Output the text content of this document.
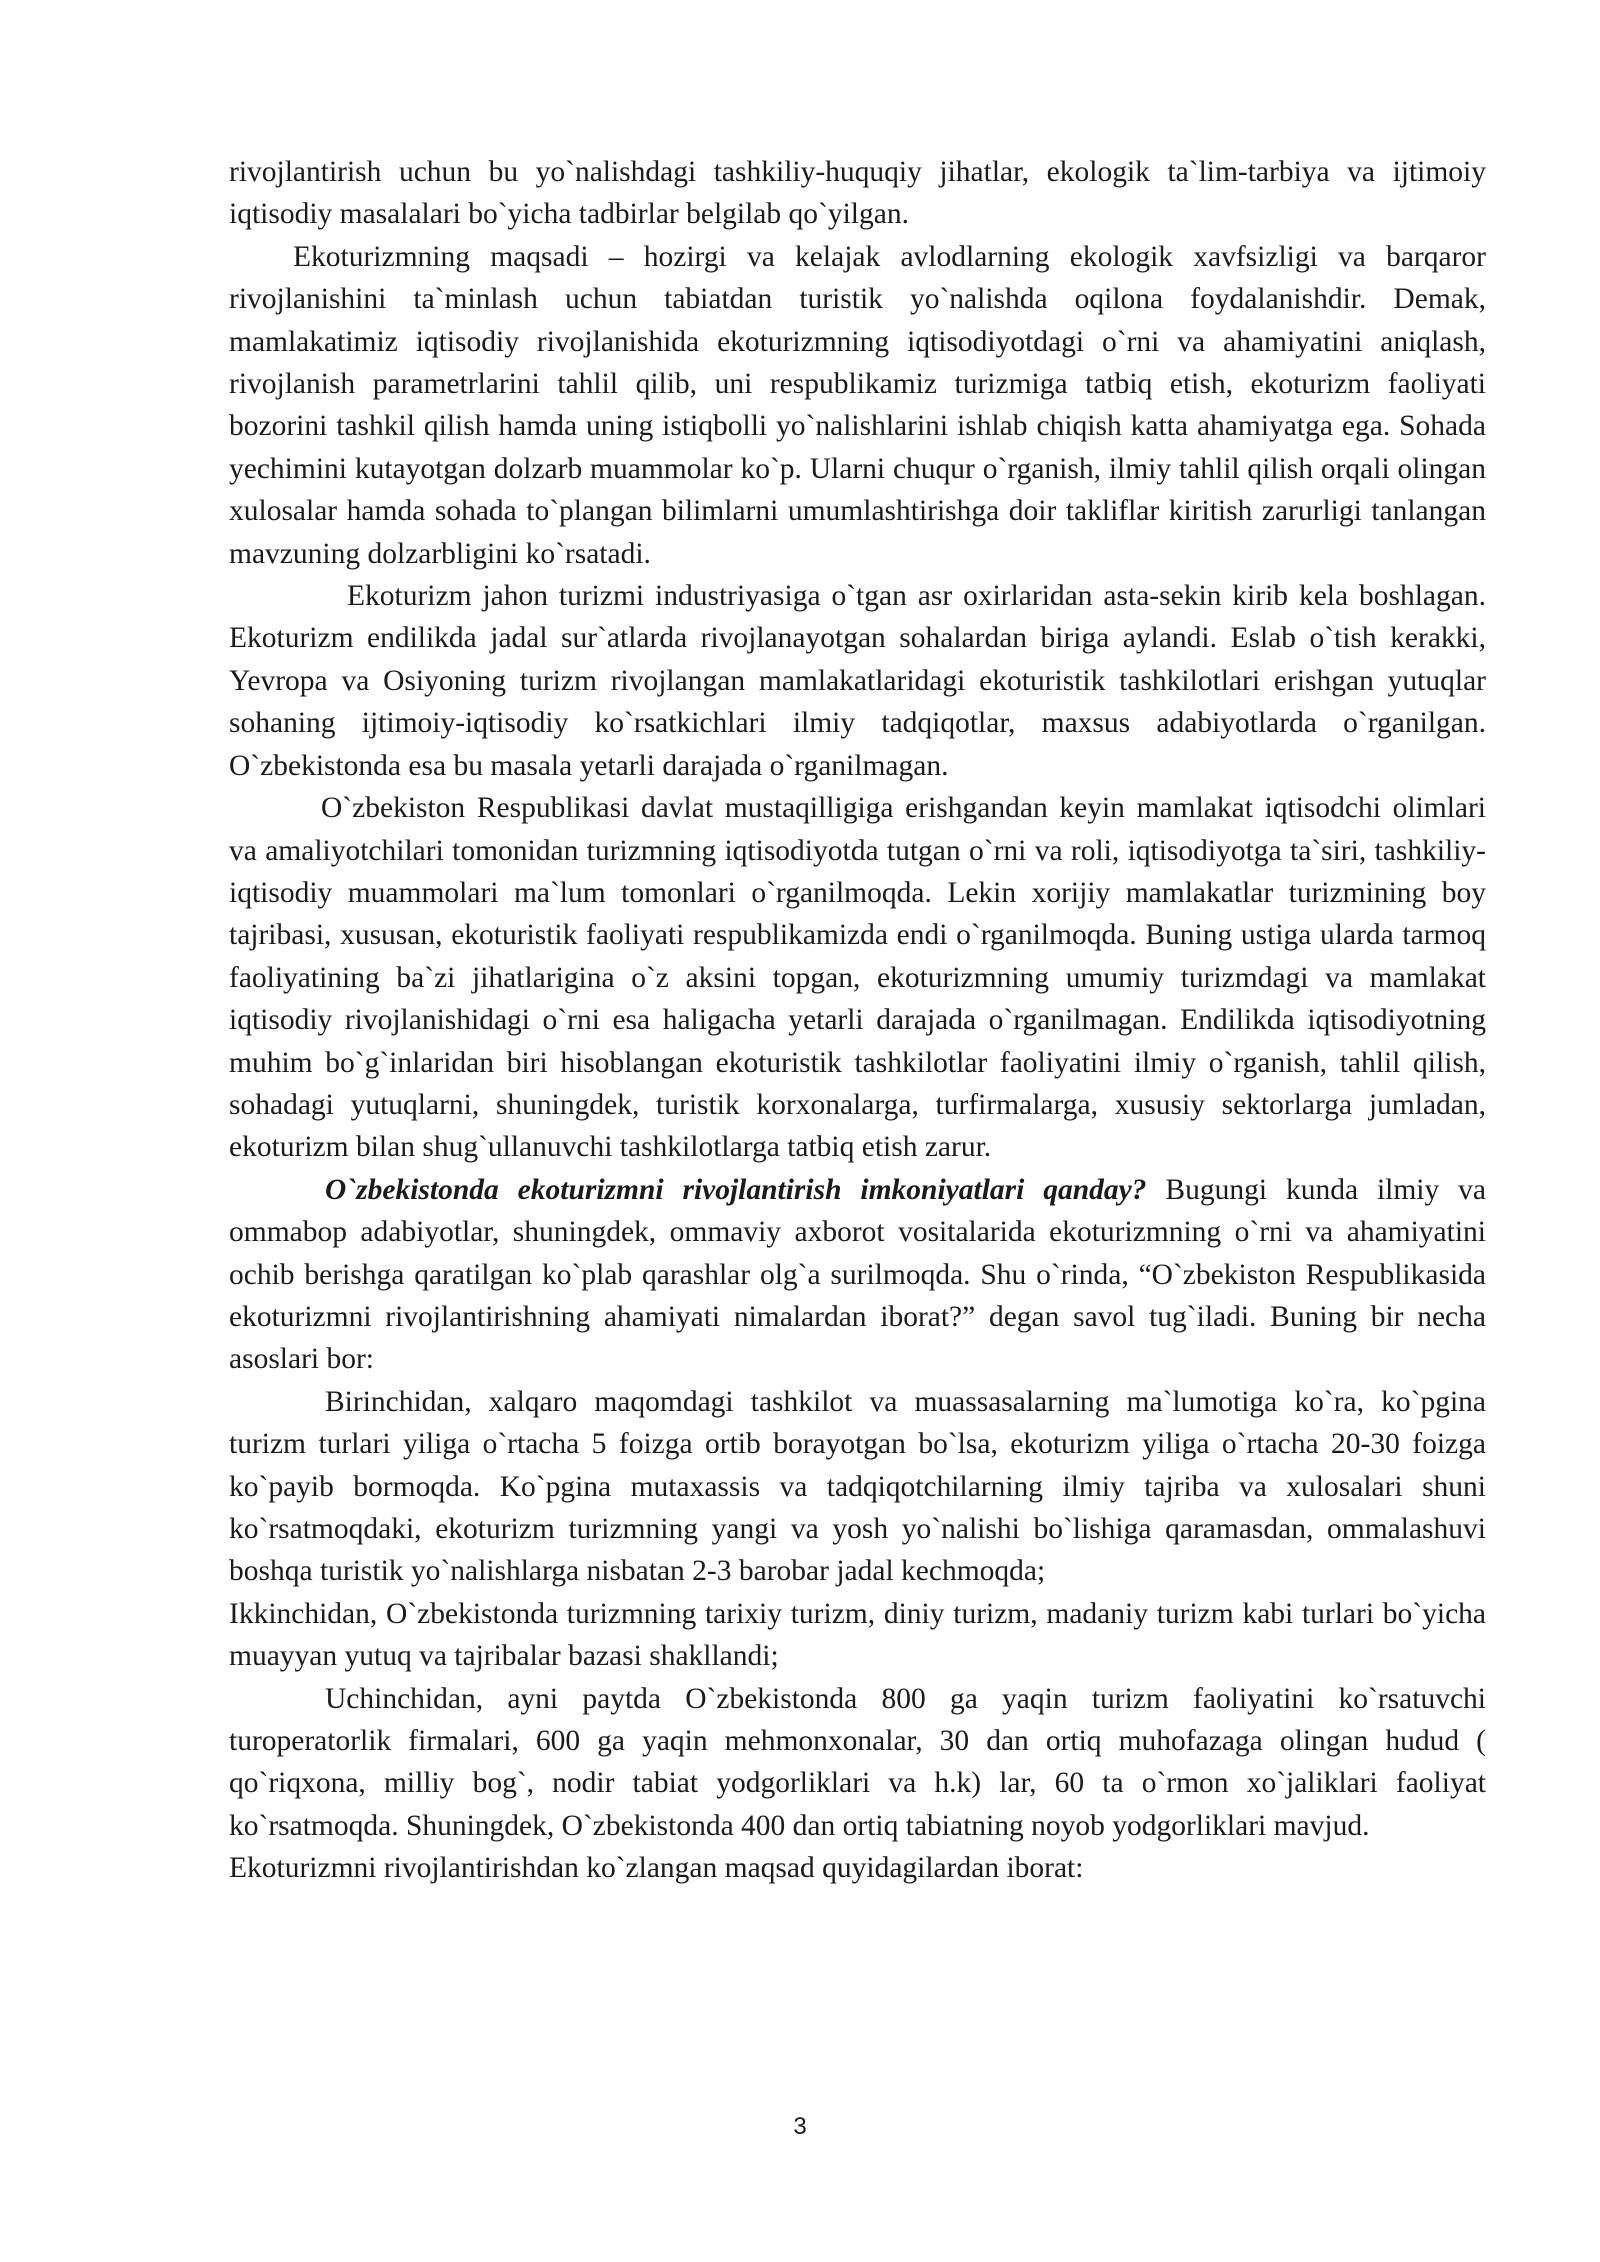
rivojlantirish uchun bu yo`nalishdagi tashkiliy-huquqiy jihatlar, ekologik ta`lim-tarbiya va ijtimoiy iqtisodiy masalalari bo`yicha tadbirlar belgilab qo`yilgan.

Ekoturizmning maqsadi – hozirgi va kelajak avlodlarning ekologik xavfsizligi va barqaror rivojlanishini ta`minlash uchun tabiatdan turistik yo`nalishda oqilona foydalanishdir. Demak, mamlakatimiz iqtisodiy rivojlanishida ekoturizmning iqtisodiyotdagi o`rni va ahamiyatini aniqlash, rivojlanish parametrlarini tahlil qilib, uni respublikamiz turizmiga tatbiq etish, ekoturizm faoliyati bozorini tashkil qilish hamda uning istiqbolli yo`nalishlarini ishlab chiqish katta ahamiyatga ega. Sohada yechimini kutayotgan dolzarb muammolar ko`p. Ularni chuqur o`rganish, ilmiy tahlil qilish orqali olingan xulosalar hamda sohada to`plangan bilimlarni umumlashtirishga doir takliflar kiritish zarurligi tanlangan mavzuning dolzarbligini ko`rsatadi.

Ekoturizm jahon turizmi industriyasiga o`tgan asr oxirlaridan asta-sekin kirib kela boshlagan. Ekoturizm endilikda jadal sur`atlarda rivojlanayotgan sohalardan biriga aylandi. Eslab o`tish kerakki, Yevropa va Osiyoning turizm rivojlangan mamlakatlaridagi ekoturistik tashkilotlari erishgan yutuqlar sohaning ijtimoiy-iqtisodiy ko`rsatkichlari ilmiy tadqiqotlar, maxsus adabiyotlarda o`rganilgan. O`zbekistonda esa bu masala yetarli darajada o`rganilmagan.

O`zbekiston Respublikasi davlat mustaqilligiga erishgandan keyin mamlakat iqtisodchi olimlari va amaliyotchilari tomonidan turizmning iqtisodiyotda tutgan o`rni va roli, iqtisodiyotga ta`siri, tashkiliy-iqtisodiy muammolari ma`lum tomonlari o`rganilmoqda. Lekin xorijiy mamlakatlar turizmining boy tajribasi, xususan, ekoturistik faoliyati respublikamizda endi o`rganilmoqda. Buning ustiga ularda tarmoq faoliyatining ba`zi jihatlarigina o`z aksini topgan, ekoturizmning umumiy turizmdagi va mamlakat iqtisodiy rivojlanishidagi o`rni esa haligacha yetarli darajada o`rganilmagan. Endilikda iqtisodiyotning muhim bo`g`inlaridan biri hisoblangan ekoturistik tashkilotlar faoliyatini ilmiy o`rganish, tahlil qilish, sohadagi yutuqlarni, shuningdek, turistik korxonalarga, turfirmalarga, xususiy sektorlarga jumladan, ekoturizm bilan shug`ullanuvchi tashkilotlarga tatbiq etish zarur.

O`zbekistonda ekoturizmni rivojlantirish imkoniyatlari qanday? Bugungi kunda ilmiy va ommabop adabiyotlar, shuningdek, ommaviy axborot vositalarida ekoturizmning o`rni va ahamiyatini ochib berishga qaratilgan ko`plab qarashlar olg`a surilmoqda. Shu o`rinda, “O`zbekiston Respublikasida ekoturizmni rivojlantirishning ahamiyati nimalardan iborat?” degan savol tug`iladi. Buning bir necha asoslari bor:

Birinchidan, xalqaro maqomdagi tashkilot va muassasalarning ma`lumotiga ko`ra, ko`pgina turizm turlari yiliga o`rtacha 5 foizga ortib borayotgan bo`lsa, ekoturizm yiliga o`rtacha 20-30 foizga ko`payib bormoqda. Ko`pgina mutaxassis va tadqiqotchilarning ilmiy tajriba va xulosalari shuni ko`rsatmoqdaki, ekoturizm turizmning yangi va yosh yo`nalishi bo`lishiga qaramasdan, ommalashuvi boshqa turistik yo`nalishlarga nisbatan 2-3 barobar jadal kechmoqda;

Ikkinchidan, O`zbekistonda turizmning tarixiy turizm, diniy turizm, madaniy turizm kabi turlari bo`yicha muayyan yutuq va tajribalar bazasi shakllandi;

Uchinchidan, ayni paytda O`zbekistonda 800 ga yaqin turizm faoliyatini ko`rsatuvchi turoperatorlik firmalari, 600 ga yaqin mehmonxonalar, 30 dan ortiq muhofazaga olingan hudud ( qo`riqxona, milliy bog`, nodir tabiat yodgorliklari va h.k) lar, 60 ta o`rmon xo`jaliklari faoliyat ko`rsatmoqda. Shuningdek, O`zbekistonda 400 dan ortiq tabiatning noyob yodgorliklari mavjud.

Ekoturizmni rivojlantirishdan ko`zlangan maqsad quyidagilardan iborat:

3
